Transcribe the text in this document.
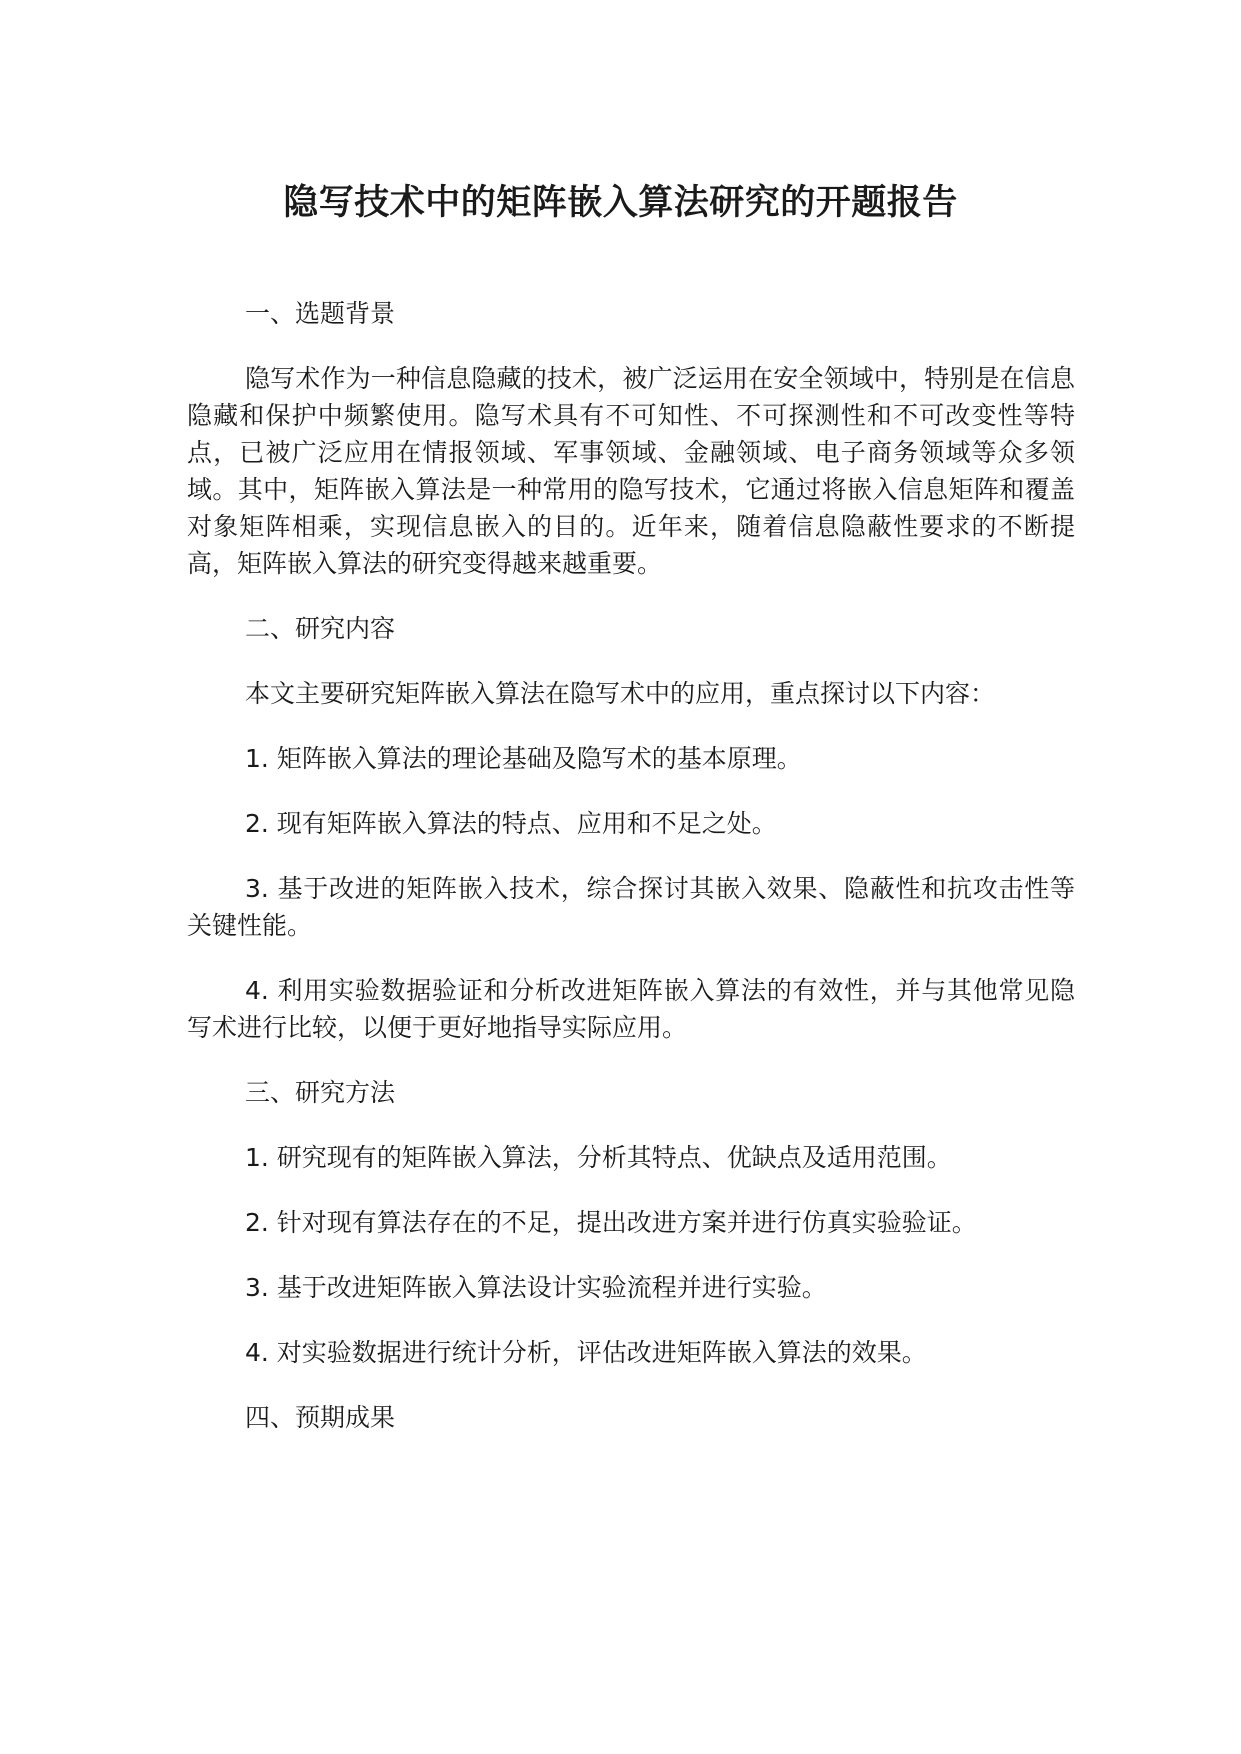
隐写技术中的矩阵嵌入算法研究的开题报告

一、选题背景

隐写术作为一种信息隐藏的技术，被广泛运用在安全领域中，特别是在信息隐藏和保护中频繁使用。隐写术具有不可知性、不可探测性和不可改变性等特点，已被广泛应用在情报领域、军事领域、金融领域、电子商务领域等众多领域。其中，矩阵嵌入算法是一种常用的隐写技术，它通过将嵌入信息矩阵和覆盖对象矩阵相乘，实现信息嵌入的目的。近年来，随着信息隐蔽性要求的不断提高，矩阵嵌入算法的研究变得越来越重要。

二、研究内容

本文主要研究矩阵嵌入算法在隐写术中的应用，重点探讨以下内容：

1. 矩阵嵌入算法的理论基础及隐写术的基本原理。

2. 现有矩阵嵌入算法的特点、应用和不足之处。

3. 基于改进的矩阵嵌入技术，综合探讨其嵌入效果、隐蔽性和抗攻击性等关键性能。

4. 利用实验数据验证和分析改进矩阵嵌入算法的有效性，并与其他常见隐写术进行比较，以便于更好地指导实际应用。

三、研究方法

1. 研究现有的矩阵嵌入算法，分析其特点、优缺点及适用范围。

2. 针对现有算法存在的不足，提出改进方案并进行仿真实验验证。

3. 基于改进矩阵嵌入算法设计实验流程并进行实验。

4. 对实验数据进行统计分析，评估改进矩阵嵌入算法的效果。

四、预期成果
